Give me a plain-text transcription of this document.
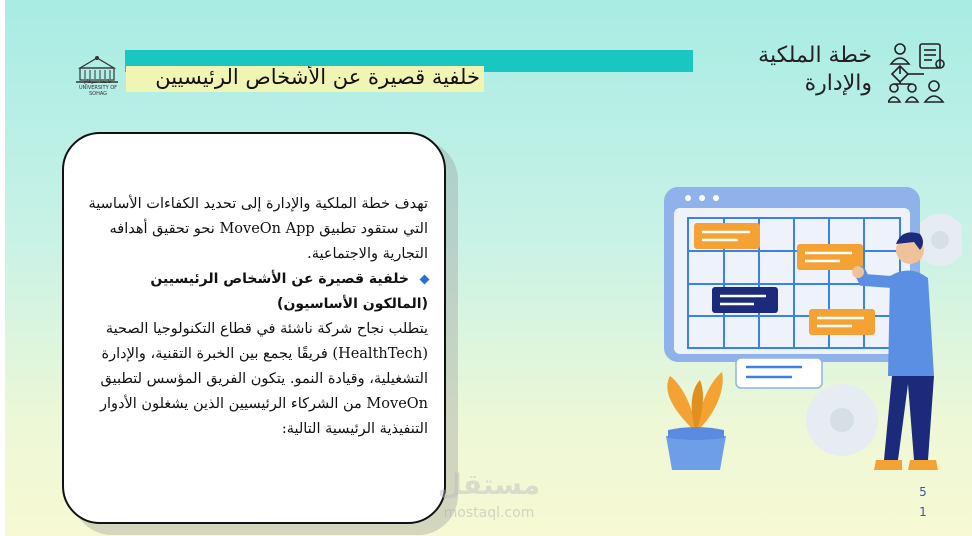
جامعة سوهاج UNIVERSITY OF SOHAG
خلفية قصيرة عن الأشخاص الرئيسيين
خطة الملكية والإدارة

تهدف خطة الملكية والإدارة إلى تحديد الكفاءات الأساسية التي ستقود تطبيق MoveOn App نحو تحقيق أهدافه التجارية والاجتماعية.

خلفية قصيرة عن الأشخاص الرئيسيين (المالكون الأساسيون)

يتطلب نجاح شركة ناشئة في قطاع التكنولوجيا الصحية (HealthTech) فريقًا يجمع بين الخبرة التقنية، والإدارة التشغيلية، وقيادة النمو. يتكون الفريق المؤسس لتطبيق MoveOn من الشركاء الرئيسيين الذين يشغلون الأدوار التنفيذية الرئيسية التالية:

مستقل
mostaql.com
5
1
